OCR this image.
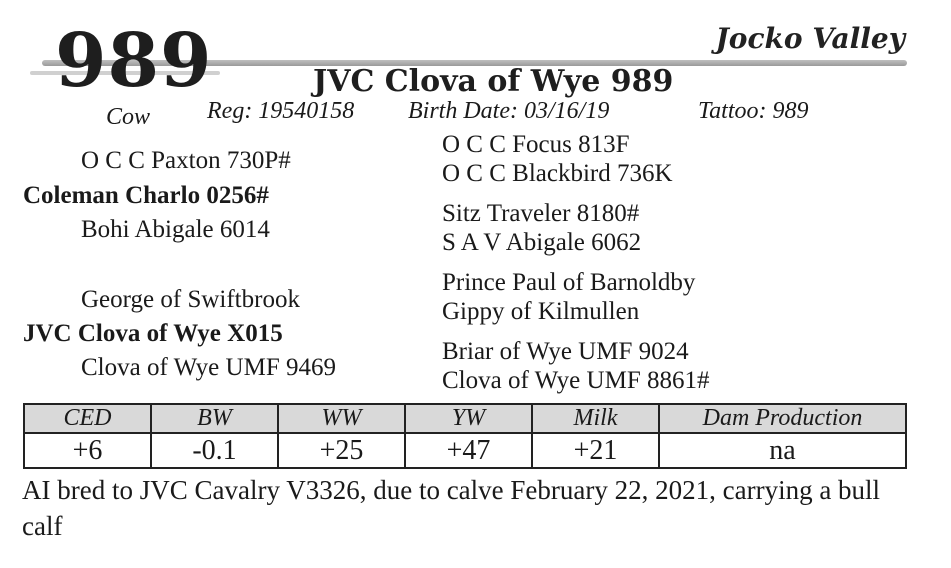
989	Jocko Valley
JVC Clova of Wye 989
Cow Reg: 19540158 Birth Date: 03/16/19	Tattoo: 989
O C C Paxton 730P#
Coleman Charlo 0256#
Bohi Abigale 6014
George of Swiftbrook
JVC Clova of Wye X015
Clova of Wye UMF 9469
O C C Focus 813F
O C C Blackbird 736K
Sitz Traveler 8180#
S A V Abigale 6062
Prince Paul of Barnoldby
Gippy of Kilmullen
Briar of Wye UMF 9024
Clova of Wye UMF 8861#
CED	BW	WW	YW	Milk	Dam Production
+6	-0.1	+25	+47	+21	na
AI bred to JVC Cavalry V3326, due to calve February 22, 2021, carrying a bull calf
